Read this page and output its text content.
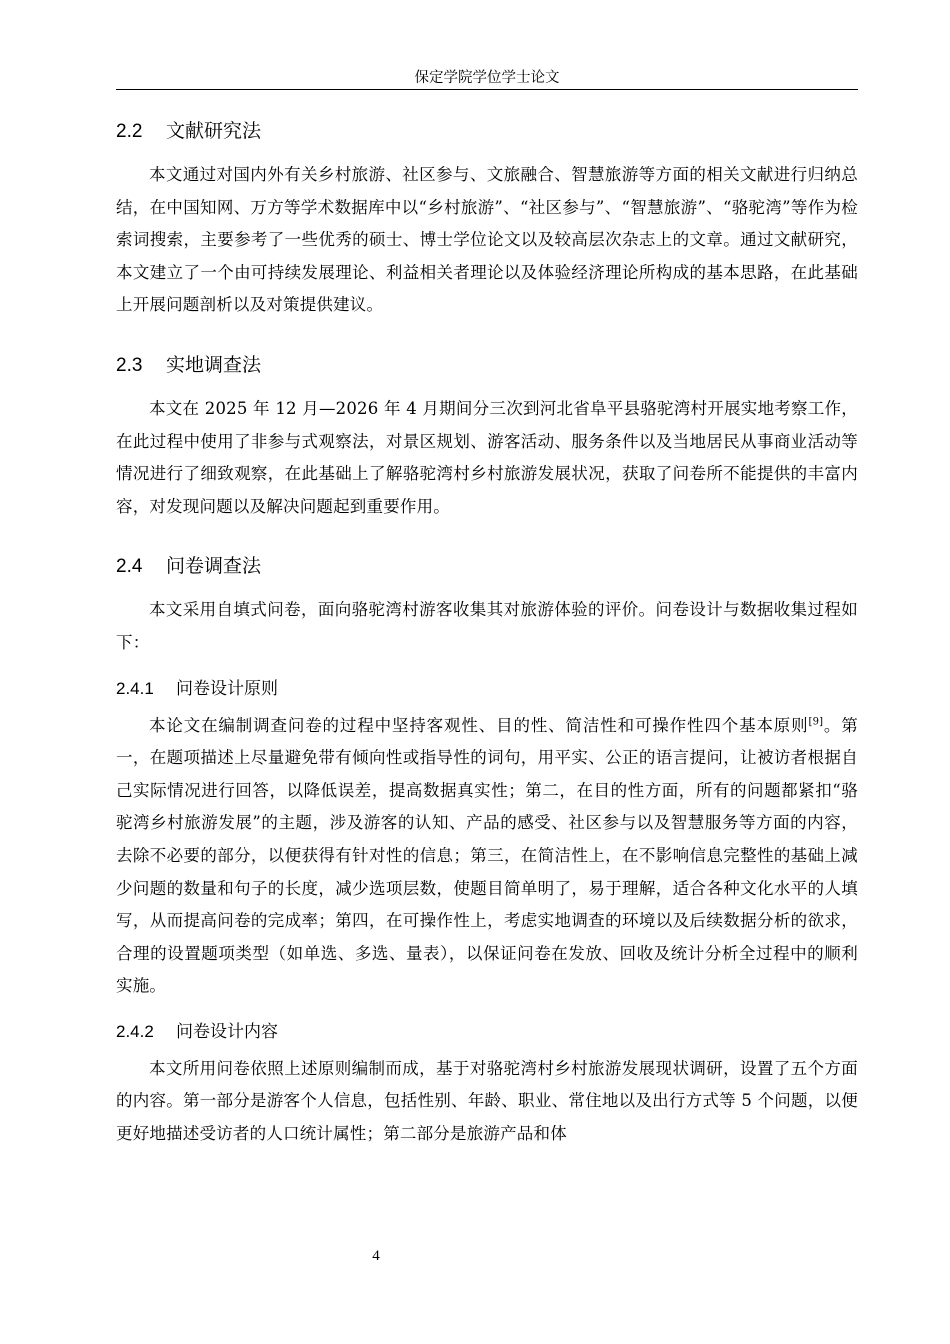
保定学院学位学士论文
2.2 文献研究法

本文通过对国内外有关乡村旅游、社区参与、文旅融合、智慧旅游等方面的相关文献进行归纳总结，在中国知网、万方等学术数据库中以“乡村旅游”、“社区参与”、“智慧旅游”、“骆驼湾”等作为检索词搜索，主要参考了一些优秀的硕士、博士学位论文以及较高层次杂志上的文章。通过文献研究，本文建立了一个由可持续发展理论、利益相关者理论以及体验经济理论所构成的基本思路，在此基础上开展问题剖析以及对策提供建议。

2.3 实地调查法

本文在 2025 年 12 月—2026 年 4 月期间分三次到河北省阜平县骆驼湾村开展实地考察工作，在此过程中使用了非参与式观察法，对景区规划、游客活动、服务条件以及当地居民从事商业活动等情况进行了细致观察，在此基础上了解骆驼湾村乡村旅游发展状况，获取了问卷所不能提供的丰富内容，对发现问题以及解决问题起到重要作用。

2.4 问卷调查法

本文采用自填式问卷，面向骆驼湾村游客收集其对旅游体验的评价。问卷设计与数据收集过程如下：

2.4.1 问卷设计原则

本论文在编制调查问卷的过程中坚持客观性、目的性、简洁性和可操作性四个基本原则[9]。第一，在题项描述上尽量避免带有倾向性或指导性的词句，用平实、公正的语言提问，让被访者根据自己实际情况进行回答，以降低误差，提高数据真实性；第二，在目的性方面，所有的问题都紧扣“骆驼湾乡村旅游发展”的主题，涉及游客的认知、产品的感受、社区参与以及智慧服务等方面的内容，去除不必要的部分，以便获得有针对性的信息；第三，在简洁性上，在不影响信息完整性的基础上减少问题的数量和句子的长度，减少选项层数，使题目简单明了，易于理解，适合各种文化水平的人填写，从而提高问卷的完成率；第四，在可操作性上，考虑实地调查的环境以及后续数据分析的欲求，合理的设置题项类型（如单选、多选、量表），以保证问卷在发放、回收及统计分析全过程中的顺利实施。

2.4.2 问卷设计内容

本文所用问卷依照上述原则编制而成，基于对骆驼湾村乡村旅游发展现状调研，设置了五个方面的内容。第一部分是游客个人信息，包括性别、年龄、职业、常住地以及出行方式等 5 个问题，以便更好地描述受访者的人口统计属性；第二部分是旅游产品和体

4
